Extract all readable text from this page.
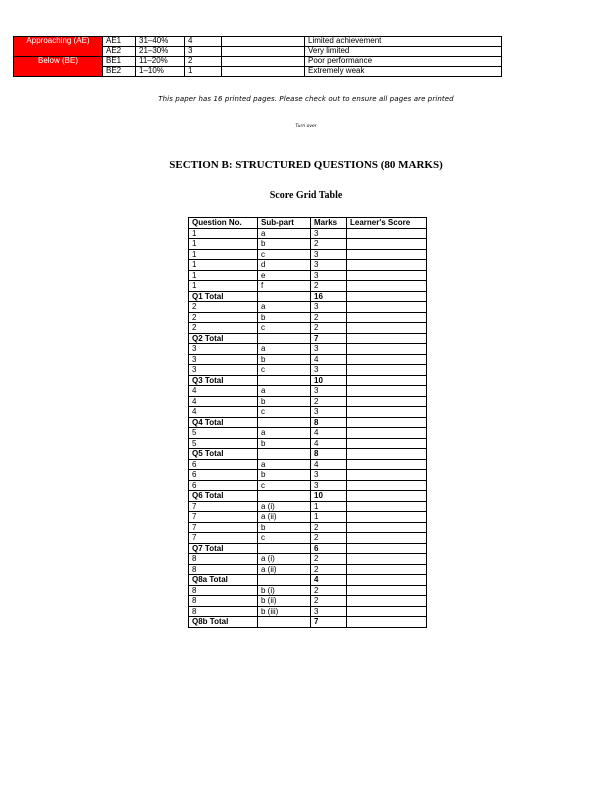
Approaching (AE)	AE1	31–40%	4		Limited achievement
	AE2	21–30%	3		Very limited
Below (BE)	BE1	11–20%	2		Poor performance
	BE2	1–10%	1		Extremely weak
This paper has 16 printed pages. Please check out to ensure all pages are printed
Turn over
SECTION B: STRUCTURED QUESTIONS (80 MARKS)
Score Grid Table
Question No.	Sub-part	Marks	Learner's Score
1	a	3	
1	b	2	
1	c	3	
1	d	3	
1	e	3	
1	f	2	
Q1 Total		16	
2	a	3	
2	b	2	
2	c	2	
Q2 Total		7	
3	a	3	
3	b	4	
3	c	3	
Q3 Total		10	
4	a	3	
4	b	2	
4	c	3	
Q4 Total		8	
5	a	4	
5	b	4	
Q5 Total		8	
6	a	4	
6	b	3	
6	c	3	
Q6 Total		10	
7	a (i)	1	
7	a (ii)	1	
7	b	2	
7	c	2	
Q7 Total		6	
8	a (i)	2	
8	a (ii)	2	
Q8a Total		4	
8	b (i)	2	
8	b (ii)	2	
8	b (iii)	3	
Q8b Total		7	
